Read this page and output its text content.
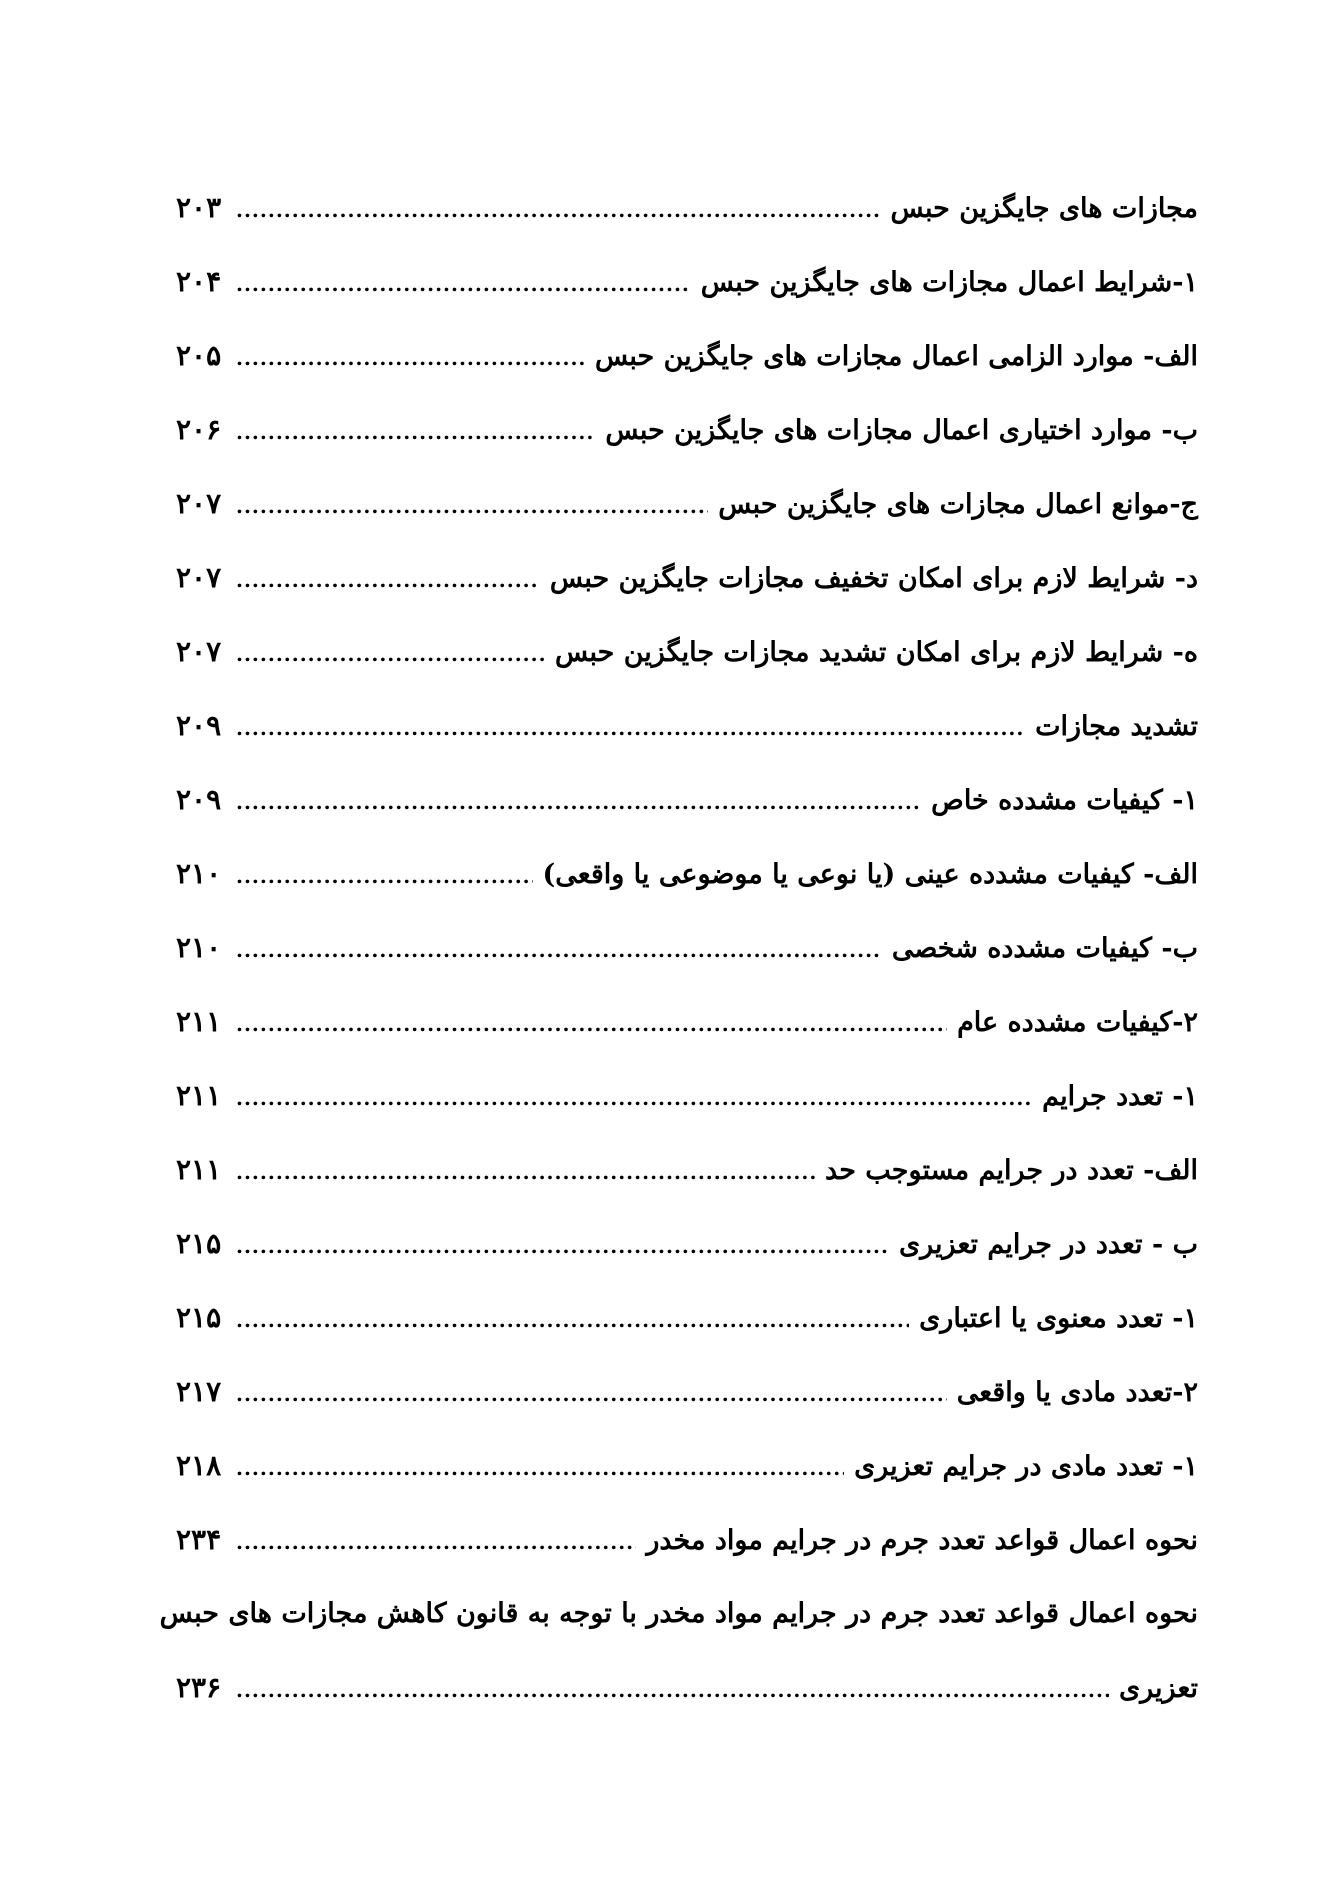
مجازات های جایگزین حبس
.....
۲۰۳
۱-شرایط اعمال مجازات های جایگزین حبس
.....
۲۰۴
الف- موارد الزامی اعمال مجازات های جایگزین حبس
.....
۲۰۵
ب- موارد اختیاری اعمال مجازات های جایگزین حبس
.....
۲۰۶
ج-موانع اعمال مجازات های جایگزین حبس
.....
۲۰۷
د- شرایط لازم برای امکان تخفیف مجازات جایگزین حبس
.....
۲۰۷
ه- شرایط لازم برای امکان تشدید مجازات جایگزین حبس
.....
۲۰۷
تشدید مجازات
.....
۲۰۹
۱- کیفیات مشدده خاص
.....
۲۰۹
الف- کیفیات مشدده عینی (یا نوعی یا موضوعی یا واقعی)
.....
۲۱۰
ب- کیفیات مشدده شخصی
.....
۲۱۰
۲-کیفیات مشدده عام
.....
۲۱۱
۱- تعدد جرایم
.....
۲۱۱
الف- تعدد در جرایم مستوجب حد
.....
۲۱۱
ب - تعدد در جرایم تعزیری
.....
۲۱۵
۱- تعدد معنوی یا اعتباری
.....
۲۱۵
۲-تعدد مادی یا واقعی
.....
۲۱۷
۱- تعدد مادی در جرایم تعزیری
.....
۲۱۸
نحوه اعمال قواعد تعدد جرم در جرایم مواد مخدر
.....
۲۳۴
نحوه اعمال قواعد تعدد جرم در جرایم مواد مخدر با توجه به قانون کاهش مجازات های حبس
تعزیری
.....
۲۳۶
